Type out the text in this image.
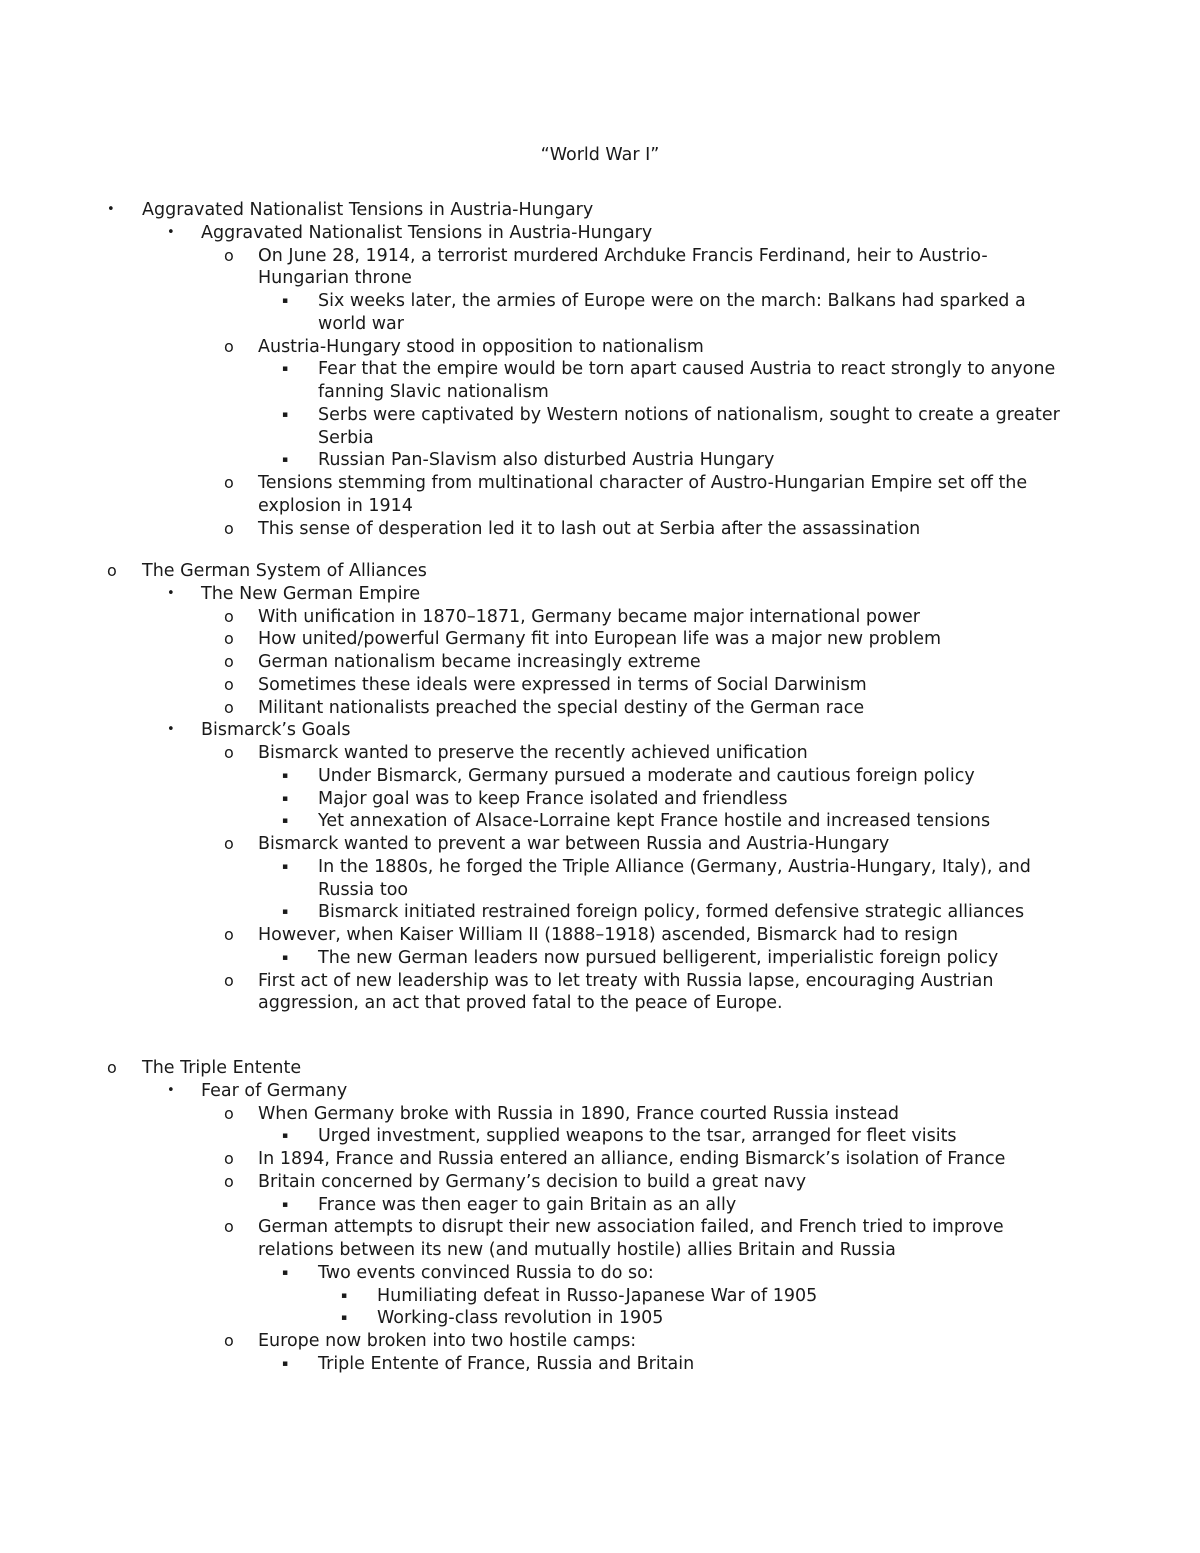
“World War I”
•	Aggravated Nationalist Tensions in Austria-Hungary
•	Aggravated Nationalist Tensions in Austria-Hungary
o	On June 28, 1914, a terrorist murdered Archduke Francis Ferdinand, heir to Austrio-Hungarian throne
▪	Six weeks later, the armies of Europe were on the march: Balkans had sparked a world war
o	Austria-Hungary stood in opposition to nationalism
▪	Fear that the empire would be torn apart caused Austria to react strongly to anyone fanning Slavic nationalism
▪	Serbs were captivated by Western notions of nationalism, sought to create a greater Serbia
▪	Russian Pan-Slavism also disturbed Austria Hungary
o	Tensions stemming from multinational character of Austro-Hungarian Empire set off the explosion in 1914
o	This sense of desperation led it to lash out at Serbia after the assassination
o	The German System of Alliances
•	The New German Empire
o	With unification in 1870–1871, Germany became major international power
o	How united/powerful Germany fit into European life was a major new problem
o	German nationalism became increasingly extreme
o	Sometimes these ideals were expressed in terms of Social Darwinism
o	Militant nationalists preached the special destiny of the German race
•	Bismarck’s Goals
o	Bismarck wanted to preserve the recently achieved unification
▪	Under Bismarck, Germany pursued a moderate and cautious foreign policy
▪	Major goal was to keep France isolated and friendless
▪	Yet annexation of Alsace-Lorraine kept France hostile and increased tensions
o	Bismarck wanted to prevent a war between Russia and Austria-Hungary
▪	In the 1880s, he forged the Triple Alliance (Germany, Austria-Hungary, Italy), and Russia too
▪	Bismarck initiated restrained foreign policy, formed defensive strategic alliances
o	However, when Kaiser William II (1888–1918) ascended, Bismarck had to resign
▪	The new German leaders now pursued belligerent, imperialistic foreign policy
o	First act of new leadership was to let treaty with Russia lapse, encouraging Austrian aggression, an act that proved fatal to the peace of Europe.
o	The Triple Entente
•	Fear of Germany
o	When Germany broke with Russia in 1890, France courted Russia instead
▪	Urged investment, supplied weapons to the tsar, arranged for fleet visits
o	In 1894, France and Russia entered an alliance, ending Bismarck’s isolation of France
o	Britain concerned by Germany’s decision to build a great navy
▪	France was then eager to gain Britain as an ally
o	German attempts to disrupt their new association failed, and French tried to improve relations between its new (and mutually hostile) allies Britain and Russia
▪	Two events convinced Russia to do so:
▪	Humiliating defeat in Russo-Japanese War of 1905
▪	Working-class revolution in 1905
o	Europe now broken into two hostile camps:
▪	Triple Entente of France, Russia and Britain
